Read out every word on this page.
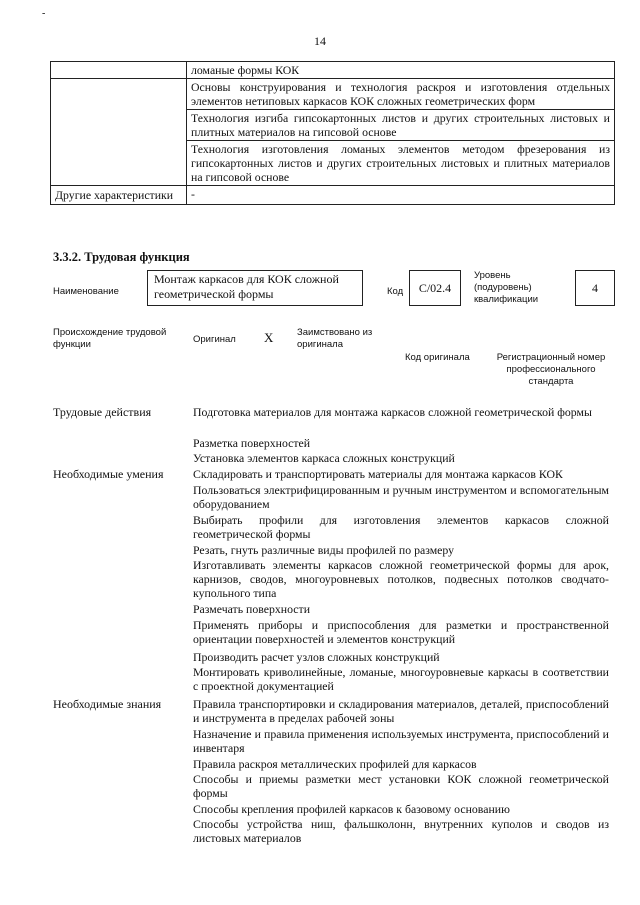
-
14
	ломаные формы КОК
	Основы конструирования и технология раскроя и изготовления отдельных элементов нетиповых каркасов КОК сложных геометрических форм
	Технология изгиба гипсокартонных листов и других строительных листовых и плитных материалов на гипсовой основе
	Технология изготовления ломаных элементов методом фрезерования из гипсокартонных листов и других строительных листовых и плитных материалов на гипсовой основе
Другие характеристики	-
3.3.2. Трудовая функция
Наименование
Монтаж каркасов для КОК сложной геометрической формы	Код	С/02.4
Уровень (подуровень) квалификации
4
Происхождение трудовой функции	Оригинал X Заимствовано из оригинала
Код оригинала	Регистрационный номер профессионального стандарта
Трудовые действия	Подготовка материалов для монтажа каркасов сложной геометрической формы
Разметка поверхностей
Установка элементов каркаса сложных конструкций
Необходимые умения	Складировать и транспортировать материалы для монтажа каркасов КОК
Пользоваться электрифицированным и ручным инструментом и вспомогательным оборудованием
Выбирать профили для изготовления элементов каркасов сложной геометрической формы
Резать, гнуть различные виды профилей по размеру
Изготавливать элементы каркасов сложной геометрической формы для арок, карнизов, сводов, многоуровневых потолков, подвесных потолков сводчато-купольного типа
Размечать поверхности
Применять приборы и приспособления для разметки и пространственной ориентации поверхностей и элементов конструкций
Производить расчет узлов сложных конструкций
Монтировать криволинейные, ломаные, многоуровневые каркасы в соответствии с проектной документацией
Необходимые знания	Правила транспортировки и складирования материалов, деталей, приспособлений и инструмента в пределах рабочей зоны
Назначение и правила применения используемых инструмента, приспособлений и инвентаря
Правила раскроя металлических профилей для каркасов
Способы и приемы разметки мест установки КОК сложной геометрической формы
Способы крепления профилей каркасов к базовому основанию
Способы устройства ниш, фальшколонн, внутренних куполов и сводов из листовых материалов
